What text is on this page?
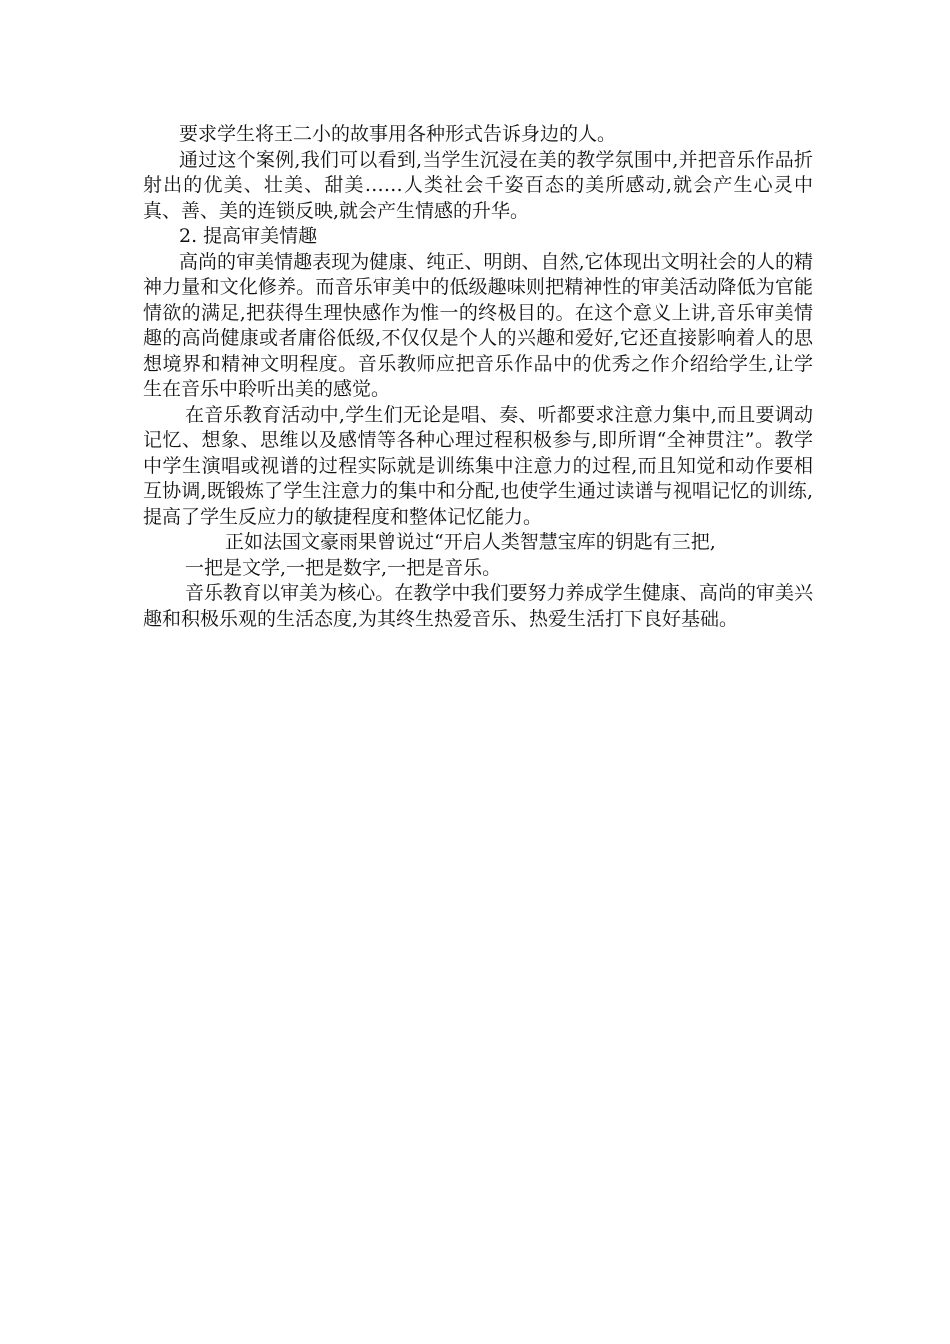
要求学生将王二小的故事用各种形式告诉身边的人。

通过这个案例,我们可以看到,当学生沉浸在美的教学氛围中,并把音乐作品折射出的优美、壮美、甜美……人类社会千姿百态的美所感动,就会产生心灵中真、善、美的连锁反映,就会产生情感的升华。

2. 提高审美情趣

高尚的审美情趣表现为健康、纯正、明朗、自然,它体现出文明社会的人的精神力量和文化修养。而音乐审美中的低级趣味则把精神性的审美活动降低为官能情欲的满足,把获得生理快感作为惟一的终极目的。在这个意义上讲,音乐审美情趣的高尚健康或者庸俗低级,不仅仅是个人的兴趣和爱好,它还直接影响着人的思想境界和精神文明程度。音乐教师应把音乐作品中的优秀之作介绍给学生,让学生在音乐中聆听出美的感觉。

在音乐教育活动中,学生们无论是唱、奏、听都要求注意力集中,而且要调动记忆、想象、思维以及感情等各种心理过程积极参与,即所谓“全神贯注”。教学中学生演唱或视谱的过程实际就是训练集中注意力的过程,而且知觉和动作要相互协调,既锻炼了学生注意力的集中和分配,也使学生通过读谱与视唱记忆的训练,提高了学生反应力的敏捷程度和整体记忆能力。

正如法国文豪雨果曾说过“开启人类智慧宝库的钥匙有三把,

一把是文学,一把是数字,一把是音乐。

音乐教育以审美为核心。在教学中我们要努力养成学生健康、高尚的审美兴趣和积极乐观的生活态度,为其终生热爱音乐、热爱生活打下良好基础。
